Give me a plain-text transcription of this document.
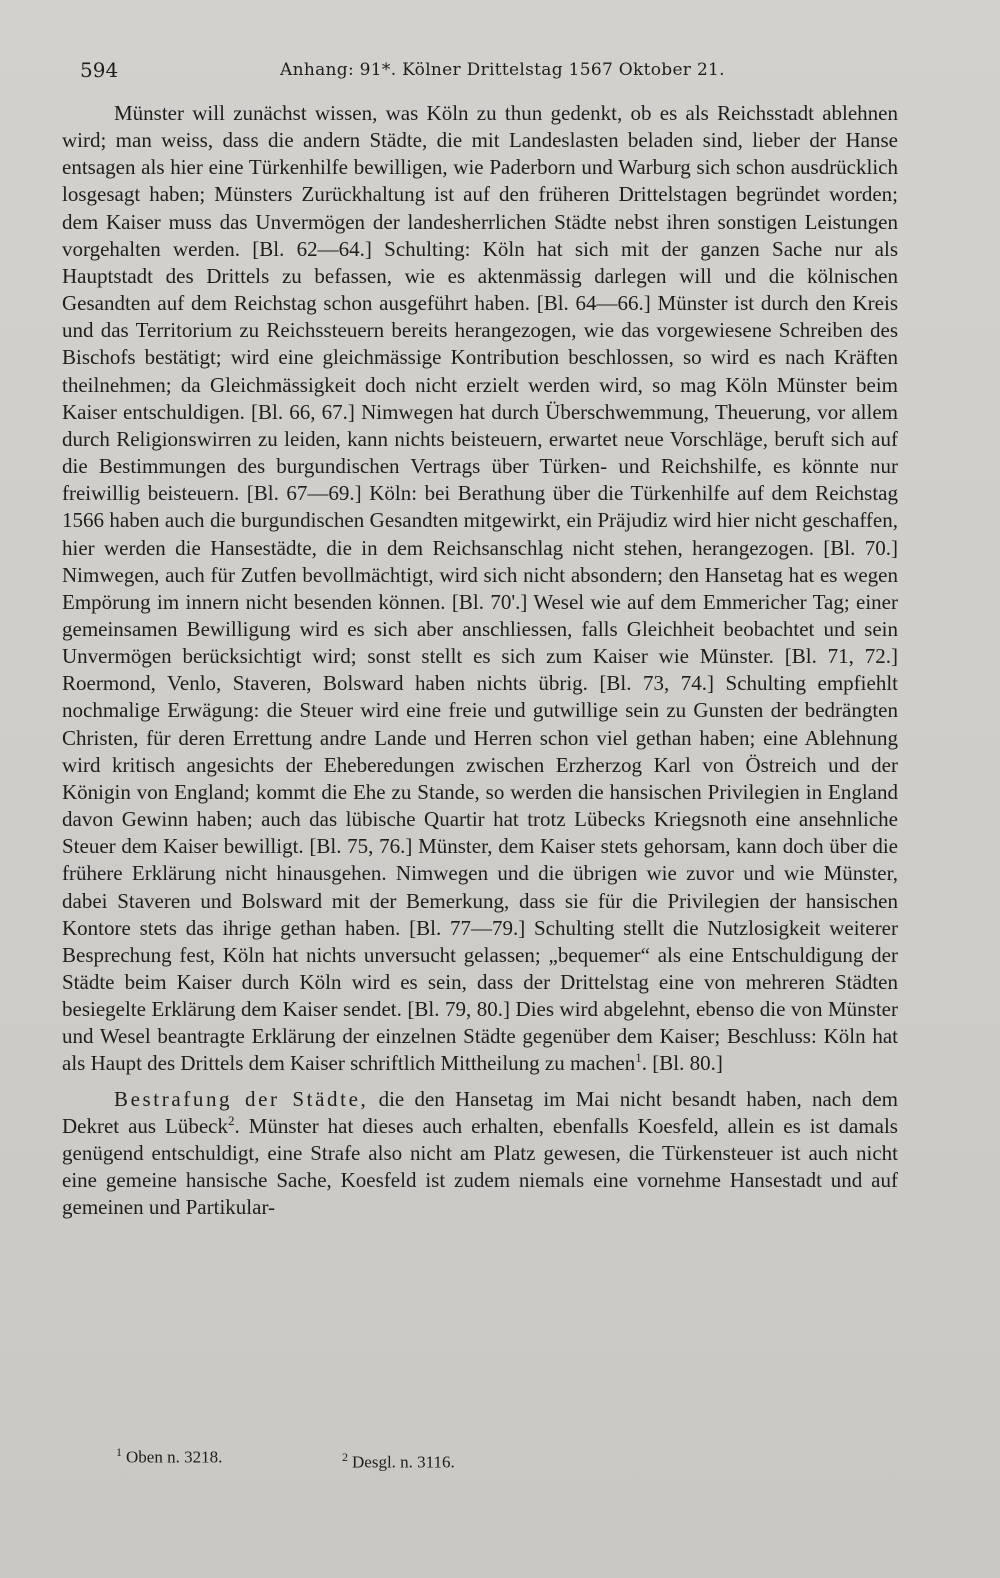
594	Anhang: 91*. Kölner Drittelstag 1567 Oktober 21.

Münster will zunächst wissen, was Köln zu thun gedenkt, ob es als Reichsstadt ablehnen wird; man weiss, dass die andern Städte, die mit Landeslasten beladen sind, lieber der Hanse entsagen als hier eine Türkenhilfe bewilligen, wie Paderborn und Warburg sich schon ausdrücklich losgesagt haben; Münsters Zurückhaltung ist auf den früheren Drittelstagen begründet worden; dem Kaiser muss das Unvermögen der landesherrlichen Städte nebst ihren sonstigen Leistungen vorgehalten werden. [Bl. 62—64.] Schulting: Köln hat sich mit der ganzen Sache nur als Hauptstadt des Drittels zu befassen, wie es aktenmässig darlegen will und die kölnischen Gesandten auf dem Reichstag schon ausgeführt haben. [Bl. 64—66.] Münster ist durch den Kreis und das Territorium zu Reichssteuern bereits herangezogen, wie das vorgewiesene Schreiben des Bischofs bestätigt; wird eine gleichmässige Kontribution beschlossen, so wird es nach Kräften theilnehmen; da Gleichmässigkeit doch nicht erzielt werden wird, so mag Köln Münster beim Kaiser entschuldigen. [Bl. 66, 67.] Nimwegen hat durch Überschwemmung, Theuerung, vor allem durch Religionswirren zu leiden, kann nichts beisteuern, erwartet neue Vorschläge, beruft sich auf die Bestimmungen des burgundischen Vertrags über Türken- und Reichshilfe, es könnte nur freiwillig beisteuern. [Bl. 67—69.] Köln: bei Berathung über die Türkenhilfe auf dem Reichstag 1566 haben auch die burgundischen Gesandten mitgewirkt, ein Präjudiz wird hier nicht geschaffen, hier werden die Hansestädte, die in dem Reichsanschlag nicht stehen, herangezogen. [Bl. 70.] Nimwegen, auch für Zutfen bevollmächtigt, wird sich nicht absondern; den Hansetag hat es wegen Empörung im innern nicht besenden können. [Bl. 70'.] Wesel wie auf dem Emmericher Tag; einer gemeinsamen Bewilligung wird es sich aber anschliessen, falls Gleichheit beobachtet und sein Unvermögen berücksichtigt wird; sonst stellt es sich zum Kaiser wie Münster. [Bl. 71, 72.] Roermond, Venlo, Staveren, Bolsward haben nichts übrig. [Bl. 73, 74.] Schulting empfiehlt nochmalige Erwägung: die Steuer wird eine freie und gutwillige sein zu Gunsten der bedrängten Christen, für deren Errettung andre Lande und Herren schon viel gethan haben; eine Ablehnung wird kritisch angesichts der Eheberedungen zwischen Erzherzog Karl von Östreich und der Königin von England; kommt die Ehe zu Stande, so werden die hansischen Privilegien in England davon Gewinn haben; auch das lübische Quartir hat trotz Lübecks Kriegsnoth eine ansehnliche Steuer dem Kaiser bewilligt. [Bl. 75, 76.] Münster, dem Kaiser stets gehorsam, kann doch über die frühere Erklärung nicht hinausgehen. Nimwegen und die übrigen wie zuvor und wie Münster, dabei Staveren und Bolsward mit der Bemerkung, dass sie für die Privilegien der hansischen Kontore stets das ihrige gethan haben. [Bl. 77—79.] Schulting stellt die Nutzlosigkeit weiterer Besprechung fest, Köln hat nichts unversucht gelassen; „bequemer“ als eine Entschuldigung der Städte beim Kaiser durch Köln wird es sein, dass der Drittelstag eine von mehreren Städten besiegelte Erklärung dem Kaiser sendet. [Bl. 79, 80.] Dies wird abgelehnt, ebenso die von Münster und Wesel beantragte Erklärung der einzelnen Städte gegenüber dem Kaiser; Beschluss: Köln hat als Haupt des Drittels dem Kaiser schriftlich Mittheilung zu machen$^1$. [Bl. 80.]

Bestrafung der Städte, die den Hansetag im Mai nicht besandt haben, nach dem Dekret aus Lübeck$^2$. Münster hat dieses auch erhalten, ebenfalls Koesfeld, allein es ist damals genügend entschuldigt, eine Strafe also nicht am Platz gewesen, die Türkensteuer ist auch nicht eine gemeine hansische Sache, Koesfeld ist zudem niemals eine vornehme Hansestadt und auf gemeinen und Partikular-

$^1$ Oben n. 3218.	$^2$ Desgl. n. 3116.
